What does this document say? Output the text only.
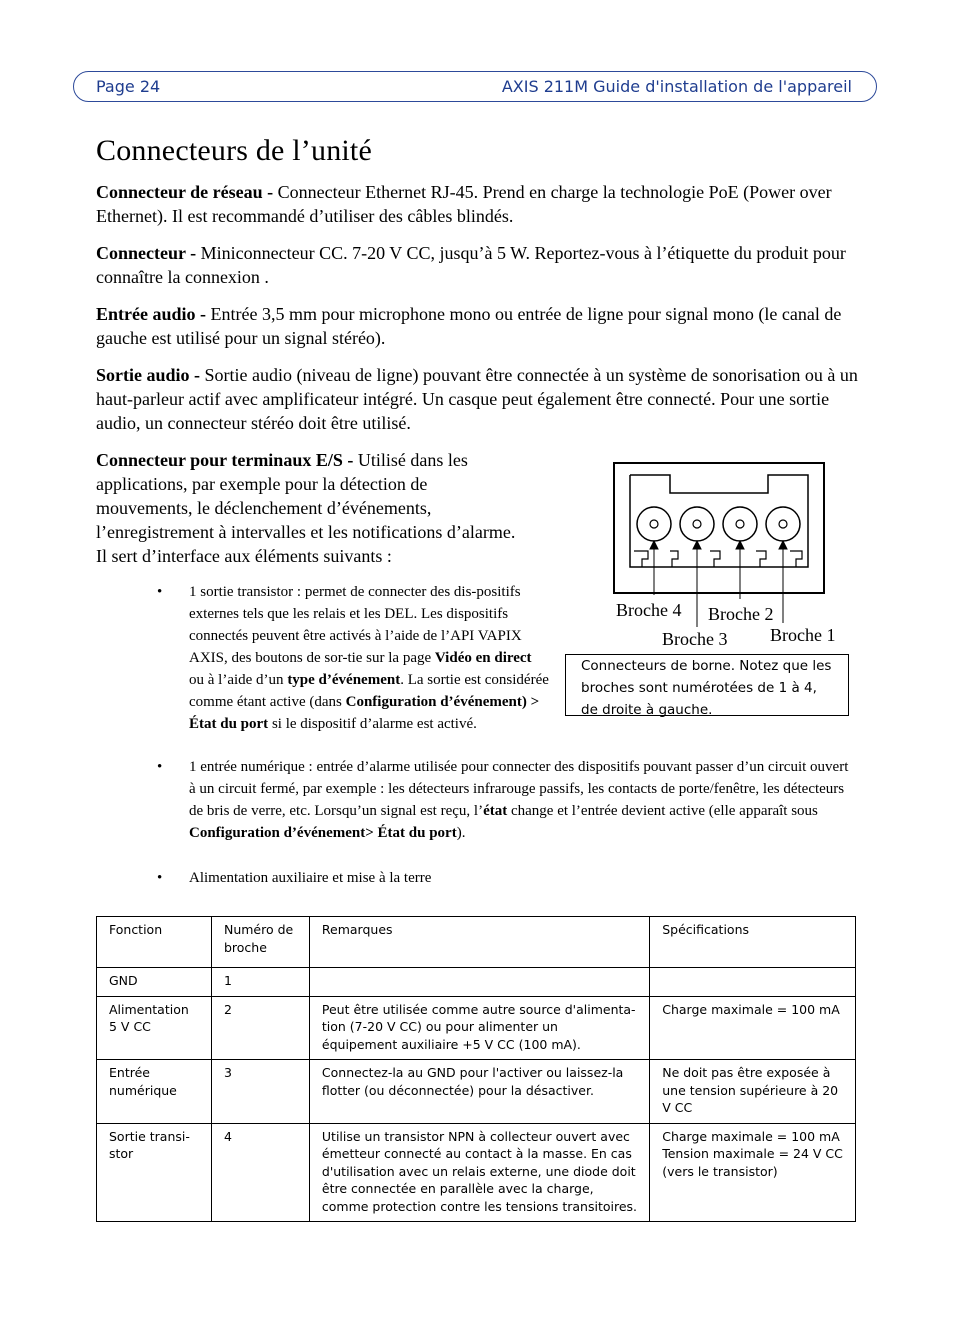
Page 24	AXIS 211M Guide d'installation de l'appareil
Connecteurs de l’unité

Connecteur de réseau - Connecteur Ethernet RJ-45. Prend en charge la technologie PoE (Power over Ethernet). Il est recommandé d’utiliser des câbles blindés.

Connecteur - Miniconnecteur CC. 7-20 V CC, jusqu’à 5 W. Reportez-vous à l’étiquette du produit pour connaître la connexion .

Entrée audio - Entrée 3,5 mm pour microphone mono ou entrée de ligne pour signal mono (le canal de gauche est utilisé pour un signal stéréo).

Sortie audio - Sortie audio (niveau de ligne) pouvant être connectée à un système de sonorisation ou à un haut-parleur actif avec amplificateur intégré. Un casque peut également être connecté. Pour une sortie audio, un connecteur stéréo doit être utilisé.

Connecteur pour terminaux E/S - Utilisé dans les applications, par exemple pour la détection de mouvements, le déclenchement d’événements, l’enregistrement à intervalles et les notifications d’alarme. Il sert d’interface aux éléments suivants :

• 1 sortie transistor : permet de connecter des dis-positifs externes tels que les relais et les DEL. Les dispositifs connectés peuvent être activés à l’aide de l’API VAPIX AXIS, des boutons de sor-tie sur la page Vidéo en direct ou à l’aide d’un type d’événement. La sortie est considérée comme étant active (dans Configuration d’événement) > État du port si le dispositif d’alarme est activé.
• 1 entrée numérique : entrée d’alarme utilisée pour connecter des dispositifs pouvant passer d’un circuit ouvert à un circuit fermé, par exemple : les détecteurs infrarouge passifs, les contacts de porte/fenêtre, les détecteurs de bris de verre, etc. Lorsqu’un signal est reçu, l’état change et l’entrée devient active (elle apparaît sous Configuration d’événement> État du port).
• Alimentation auxiliaire et mise à la terre
Broche 4 Broche 2
Broche 3 Broche 1
Connecteurs de borne. Notez que les broches sont numérotées de 1 à 4, de droite à gauche.
Fonction	Numéro de broche	Remarques	Spécifications
GND	1		
Alimentation 5 V CC	2	Peut être utilisée comme autre source d'alimenta-tion (7-20 V CC) ou pour alimenter un équipement auxiliaire +5 V CC (100 mA).	Charge maximale = 100 mA
Entrée numérique	3	Connectez-la au GND pour l'activer ou laissez-la flotter (ou déconnectée) pour la désactiver.	Ne doit pas être exposée à une tension supérieure à 20 V CC
Sortie transi-stor	4	Utilise un transistor NPN à collecteur ouvert avec émetteur connecté au contact à la masse. En cas d'utilisation avec un relais externe, une diode doit être connectée en parallèle avec la charge, comme protection contre les tensions transitoires.	Charge maximale = 100 mA Tension maximale = 24 V CC (vers le transistor)
